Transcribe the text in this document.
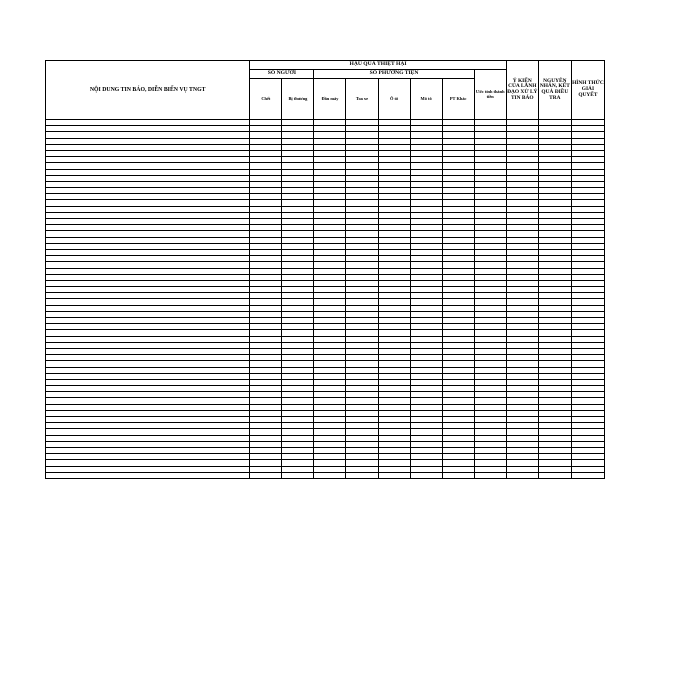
NỘI DUNG TIN BÁO, DIỄN BIẾN VỤ TNGT	HẬU QUẢ THIỆT HẠI								Ý KIẾN CỦA LÃNH ĐẠO XỬ LÝ TIN BÁO	NGUYÊN NHÂN, KẾT QUẢ ĐIỀU TRA	HÌNH THỨC GIẢI QUYẾT
	SỐ NGƯỜI		SỐ PHƯƠNG TIỆN					Ước tính thành tiền			
	Chết	Bị thương	Đầu máy	Toa xe	Ô tô	Mô tô	PT Khác				
